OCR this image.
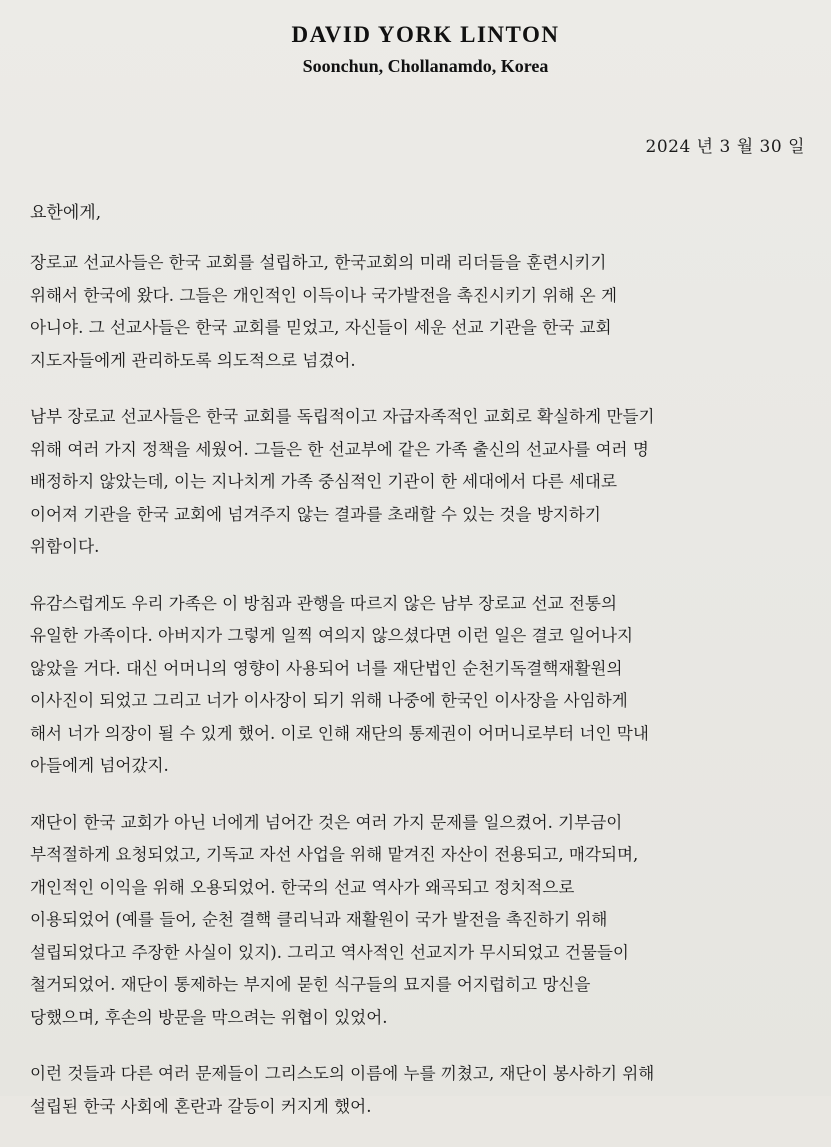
DAVID YORK LINTON
Soonchun, Chollanamdo, Korea
2024 년 3 월 30 일
요한에게,
장로교 선교사들은 한국 교회를 설립하고, 한국교회의 미래 리더들을 훈련시키기
위해서 한국에 왔다. 그들은 개인적인 이득이나 국가발전을 촉진시키기 위해 온 게
아니야. 그 선교사들은 한국 교회를 믿었고, 자신들이 세운 선교 기관을 한국 교회
지도자들에게 관리하도록 의도적으로 넘겼어.
남부 장로교 선교사들은 한국 교회를 독립적이고 자급자족적인 교회로 확실하게 만들기
위해 여러 가지 정책을 세웠어. 그들은 한 선교부에 같은 가족 출신의 선교사를 여러 명
배정하지 않았는데, 이는 지나치게 가족 중심적인 기관이 한 세대에서 다른 세대로
이어져 기관을 한국 교회에 넘겨주지 않는 결과를 초래할 수 있는 것을 방지하기
위함이다.
유감스럽게도 우리 가족은 이 방침과 관행을 따르지 않은 남부 장로교 선교 전통의
유일한 가족이다. 아버지가 그렇게 일찍 여의지 않으셨다면 이런 일은 결코 일어나지
않았을 거다. 대신 어머니의 영향이 사용되어 너를 재단법인 순천기독결핵재활원의
이사진이 되었고 그리고 너가 이사장이 되기 위해 나중에 한국인 이사장을 사임하게
해서 너가 의장이 될 수 있게 했어. 이로 인해 재단의 통제권이 어머니로부터 너인 막내
아들에게 넘어갔지.
재단이 한국 교회가 아닌 너에게 넘어간 것은 여러 가지 문제를 일으켰어. 기부금이
부적절하게 요청되었고, 기독교 자선 사업을 위해 맡겨진 자산이 전용되고, 매각되며,
개인적인 이익을 위해 오용되었어. 한국의 선교 역사가 왜곡되고 정치적으로
이용되었어 (예를 들어, 순천 결핵 클리닉과 재활원이 국가 발전을 촉진하기 위해
설립되었다고 주장한 사실이 있지). 그리고 역사적인 선교지가 무시되었고 건물들이
철거되었어. 재단이 통제하는 부지에 묻힌 식구들의 묘지를 어지럽히고 망신을
당했으며, 후손의 방문을 막으려는 위협이 있었어.
이런 것들과 다른 여러 문제들이 그리스도의 이름에 누를 끼쳤고, 재단이 봉사하기 위해
설립된 한국 사회에 혼란과 갈등이 커지게 했어.
